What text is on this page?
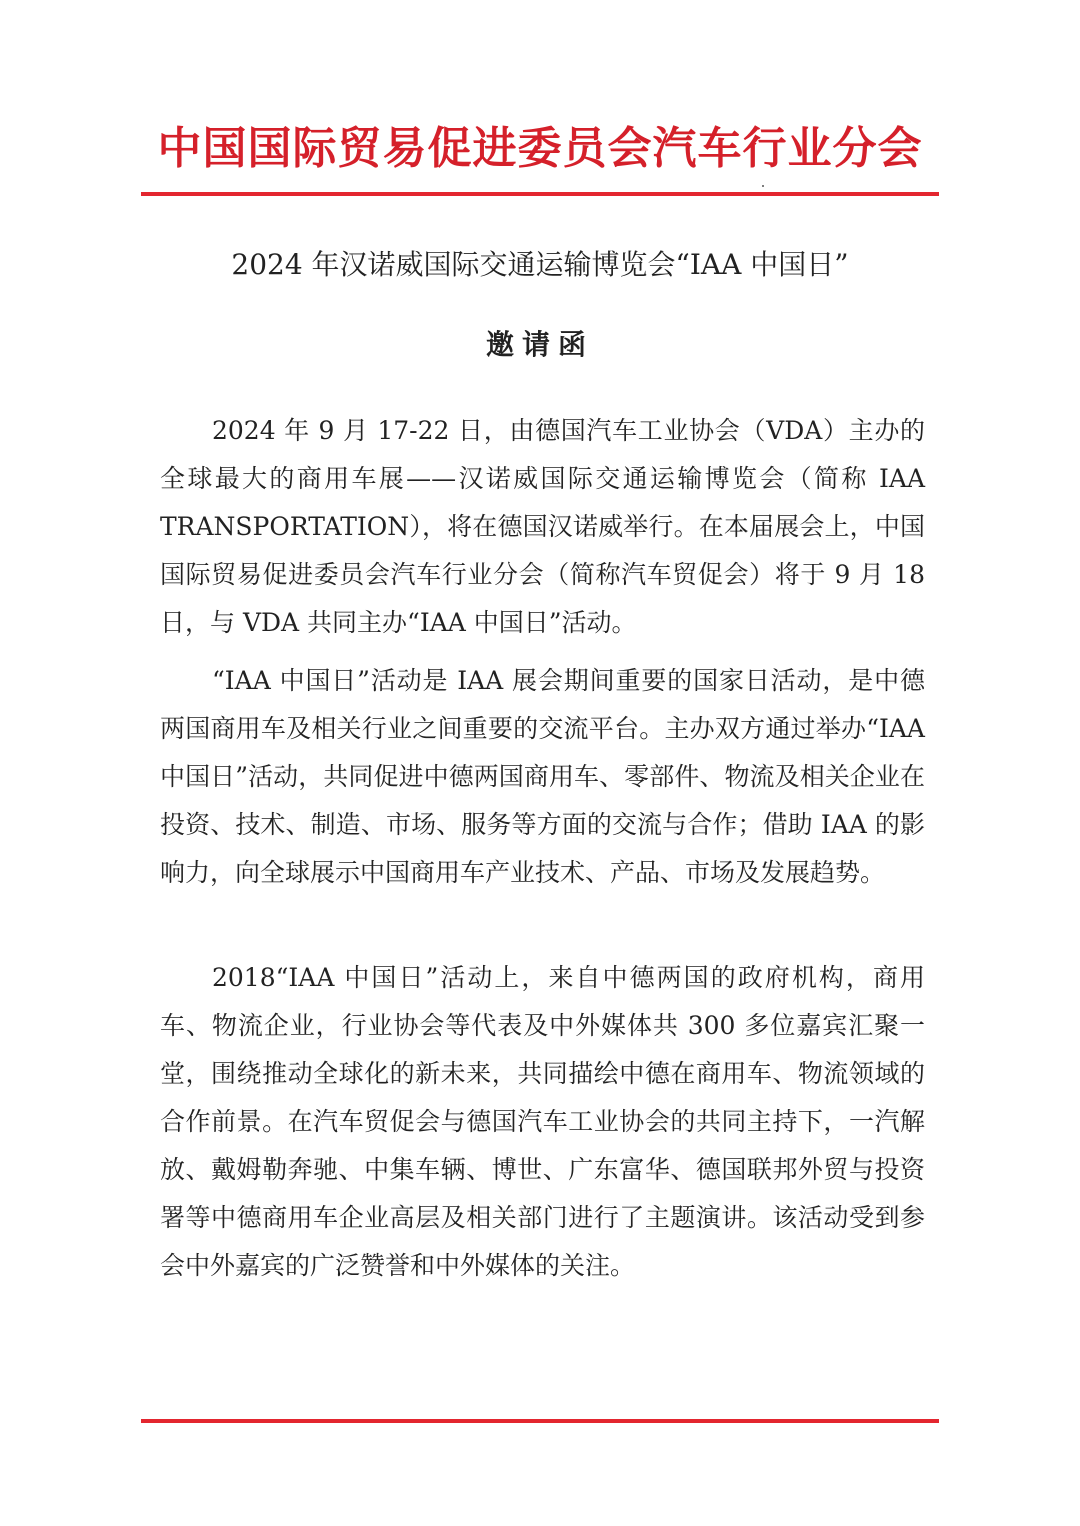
中国国际贸易促进委员会汽车行业分会
2024 年汉诺威国际交通运输博览会“IAA 中国日”
邀请函

2024 年 9 月 17-22 日，由德国汽车工业协会（VDA）主办的全球最大的商用车展——汉诺威国际交通运输博览会（简称 IAA TRANSPORTATION），将在德国汉诺威举行。在本届展会上，中国国际贸易促进委员会汽车行业分会（简称汽车贸促会）将于 9 月 18 日，与 VDA 共同主办“IAA 中国日”活动。

“IAA 中国日”活动是 IAA 展会期间重要的国家日活动，是中德两国商用车及相关行业之间重要的交流平台。主办双方通过举办“IAA 中国日”活动，共同促进中德两国商用车、零部件、物流及相关企业在投资、技术、制造、市场、服务等方面的交流与合作；借助 IAA 的影响力，向全球展示中国商用车产业技术、产品、市场及发展趋势。

2018“IAA 中国日”活动上，来自中德两国的政府机构，商用车、物流企业，行业协会等代表及中外媒体共 300 多位嘉宾汇聚一堂，围绕推动全球化的新未来，共同描绘中德在商用车、物流领域的合作前景。在汽车贸促会与德国汽车工业协会的共同主持下，一汽解放、戴姆勒奔驰、中集车辆、博世、广东富华、德国联邦外贸与投资署等中德商用车企业高层及相关部门进行了主题演讲。该活动受到参会中外嘉宾的广泛赞誉和中外媒体的关注。
